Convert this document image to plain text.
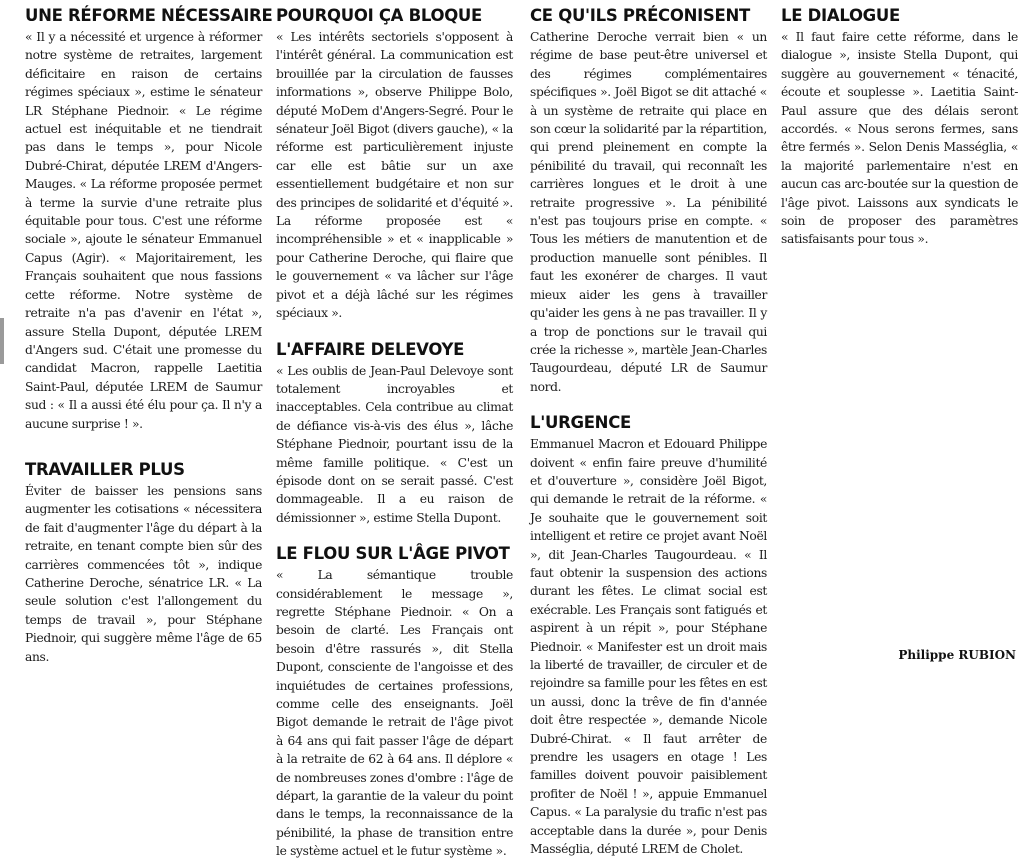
UNE RÉFORME NÉCESSAIRE

« Il y a nécessité et urgence à réformer notre système de retraites, largement déficitaire en raison de certains régimes spéciaux », estime le sénateur LR Stéphane Piednoir. « Le régime actuel est inéquitable et ne tiendrait pas dans le temps », pour Nicole Dubré-Chirat, députée LREM d'Angers-Mauges. « La réforme proposée permet à terme la survie d'une retraite plus équitable pour tous. C'est une réforme sociale », ajoute le sénateur Emmanuel Capus (Agir). « Majoritairement, les Français souhaitent que nous fassions cette réforme. Notre système de retraite n'a pas d'avenir en l'état », assure Stella Dupont, députée LREM d'Angers sud. C'était une promesse du candidat Macron, rappelle Laetitia Saint-Paul, députée LREM de Saumur sud : « Il a aussi été élu pour ça. Il n'y a aucune surprise ! ».

TRAVAILLER PLUS

Éviter de baisser les pensions sans augmenter les cotisations « nécessitera de fait d'augmenter l'âge du départ à la retraite, en tenant compte bien sûr des carrières commencées tôt », indique Catherine Deroche, sénatrice LR. « La seule solution c'est l'allongement du temps de travail », pour Stéphane Piednoir, qui suggère même l'âge de 65 ans.

POURQUOI ÇA BLOQUE

« Les intérêts sectoriels s'opposent à l'intérêt général. La communication est brouillée par la circulation de fausses informations », observe Philippe Bolo, député MoDem d'Angers-Segré. Pour le sénateur Joël Bigot (divers gauche), « la réforme est particulièrement injuste car elle est bâtie sur un axe essentiellement budgétaire et non sur des principes de solidarité et d'équité ». La réforme proposée est « incompréhensible » et « inapplicable » pour Catherine Deroche, qui flaire que le gouvernement « va lâcher sur l'âge pivot et a déjà lâché sur les régimes spéciaux ».

L'AFFAIRE DELEVOYE

« Les oublis de Jean-Paul Delevoye sont totalement incroyables et inacceptables. Cela contribue au climat de défiance vis-à-vis des élus », lâche Stéphane Piednoir, pourtant issu de la même famille politique. « C'est un épisode dont on se serait passé. C'est dommageable. Il a eu raison de démissionner », estime Stella Dupont.

LE FLOU SUR L'ÂGE PIVOT

« La sémantique trouble considérablement le message », regrette Stéphane Piednoir. « On a besoin de clarté. Les Français ont besoin d'être rassurés », dit Stella Dupont, consciente de l'angoisse et des inquiétudes de certaines professions, comme celle des enseignants. Joël Bigot demande le retrait de l'âge pivot à 64 ans qui fait passer l'âge de départ à la retraite de 62 à 64 ans. Il déplore « de nombreuses zones d'ombre : l'âge de départ, la garantie de la valeur du point dans le temps, la reconnaissance de la pénibilité, la phase de transition entre le système actuel et le futur système ».

CE QU'ILS PRÉCONISENT

Catherine Deroche verrait bien « un régime de base peut-être universel et des régimes complémentaires spécifiques ». Joël Bigot se dit attaché « à un système de retraite qui place en son cœur la solidarité par la répartition, qui prend pleinement en compte la pénibilité du travail, qui reconnaît les carrières longues et le droit à une retraite progressive ». La pénibilité n'est pas toujours prise en compte. « Tous les métiers de manutention et de production manuelle sont pénibles. Il faut les exonérer de charges. Il vaut mieux aider les gens à travailler qu'aider les gens à ne pas travailler. Il y a trop de ponctions sur le travail qui crée la richesse », martèle Jean-Charles Taugourdeau, député LR de Saumur nord.

L'URGENCE

Emmanuel Macron et Edouard Philippe doivent « enfin faire preuve d'humilité et d'ouverture », considère Joël Bigot, qui demande le retrait de la réforme. « Je souhaite que le gouvernement soit intelligent et retire ce projet avant Noël », dit Jean-Charles Taugourdeau. « Il faut obtenir la suspension des actions durant les fêtes. Le climat social est exécrable. Les Français sont fatigués et aspirent à un répit », pour Stéphane Piednoir. « Manifester est un droit mais la liberté de travailler, de circuler et de rejoindre sa famille pour les fêtes en est un aussi, donc la trêve de fin d'année doit être respectée », demande Nicole Dubré-Chirat. « Il faut arrêter de prendre les usagers en otage ! Les familles doivent pouvoir paisiblement profiter de Noël ! », appuie Emmanuel Capus. « La paralysie du trafic n'est pas acceptable dans la durée », pour Denis Masséglia, député LREM de Cholet.

LE DIALOGUE

« Il faut faire cette réforme, dans le dialogue », insiste Stella Dupont, qui suggère au gouvernement « ténacité, écoute et souplesse ». Laetitia Saint-Paul assure que des délais seront accordés. « Nous serons fermes, sans être fermés ». Selon Denis Masséglia, « la majorité parlementaire n'est en aucun cas arc-boutée sur la question de l'âge pivot. Laissons aux syndicats le soin de proposer des paramètres satisfaisants pour tous ».

Philippe RUBION
